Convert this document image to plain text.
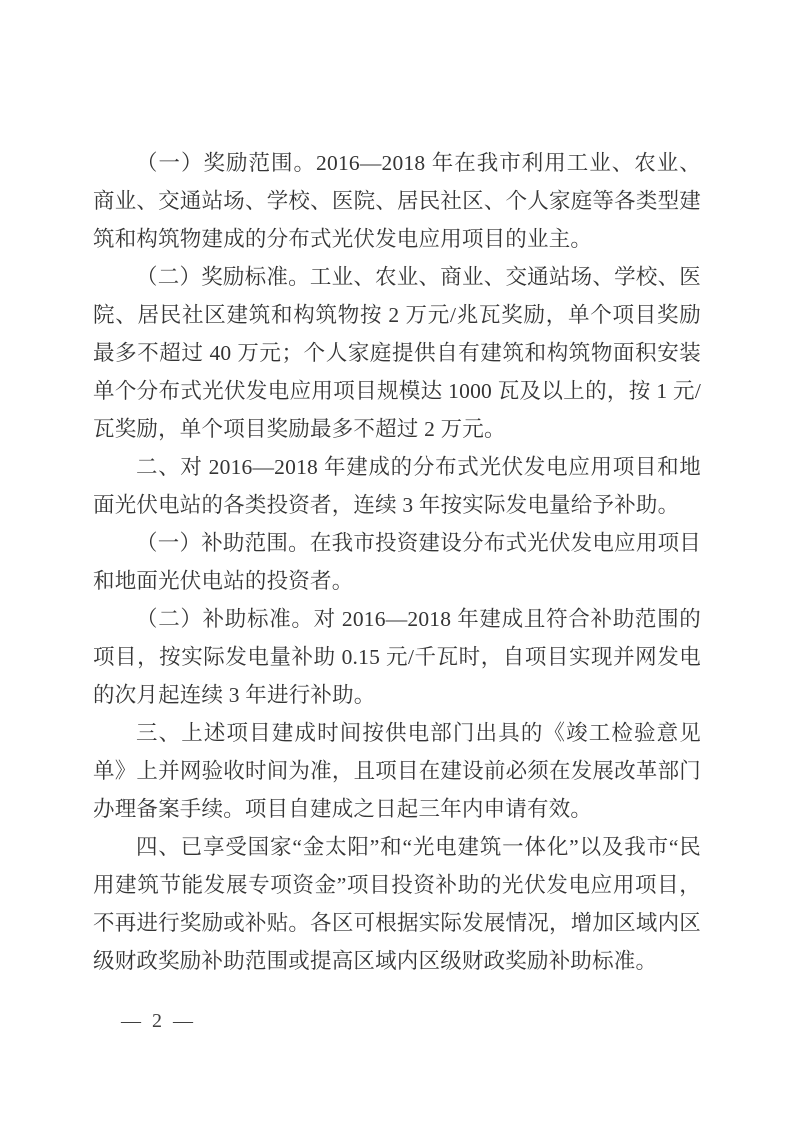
（一）奖励范围。2016—2018 年在我市利用工业、农业、商业、交通站场、学校、医院、居民社区、个人家庭等各类型建筑和构筑物建成的分布式光伏发电应用项目的业主。

（二）奖励标准。工业、农业、商业、交通站场、学校、医院、居民社区建筑和构筑物按 2 万元/兆瓦奖励，单个项目奖励最多不超过 40 万元；个人家庭提供自有建筑和构筑物面积安装单个分布式光伏发电应用项目规模达 1000 瓦及以上的，按 1 元/瓦奖励，单个项目奖励最多不超过 2 万元。

二、对 2016—2018 年建成的分布式光伏发电应用项目和地面光伏电站的各类投资者，连续 3 年按实际发电量给予补助。

（一）补助范围。在我市投资建设分布式光伏发电应用项目和地面光伏电站的投资者。

（二）补助标准。对 2016—2018 年建成且符合补助范围的项目，按实际发电量补助 0.15 元/千瓦时，自项目实现并网发电的次月起连续 3 年进行补助。

三、上述项目建成时间按供电部门出具的《竣工检验意见单》上并网验收时间为准，且项目在建设前必须在发展改革部门办理备案手续。项目自建成之日起三年内申请有效。

四、已享受国家“金太阳”和“光电建筑一体化”以及我市“民用建筑节能发展专项资金”项目投资补助的光伏发电应用项目，不再进行奖励或补贴。各区可根据实际发展情况，增加区域内区级财政奖励补助范围或提高区域内区级财政奖励补助标准。

— 2 —
